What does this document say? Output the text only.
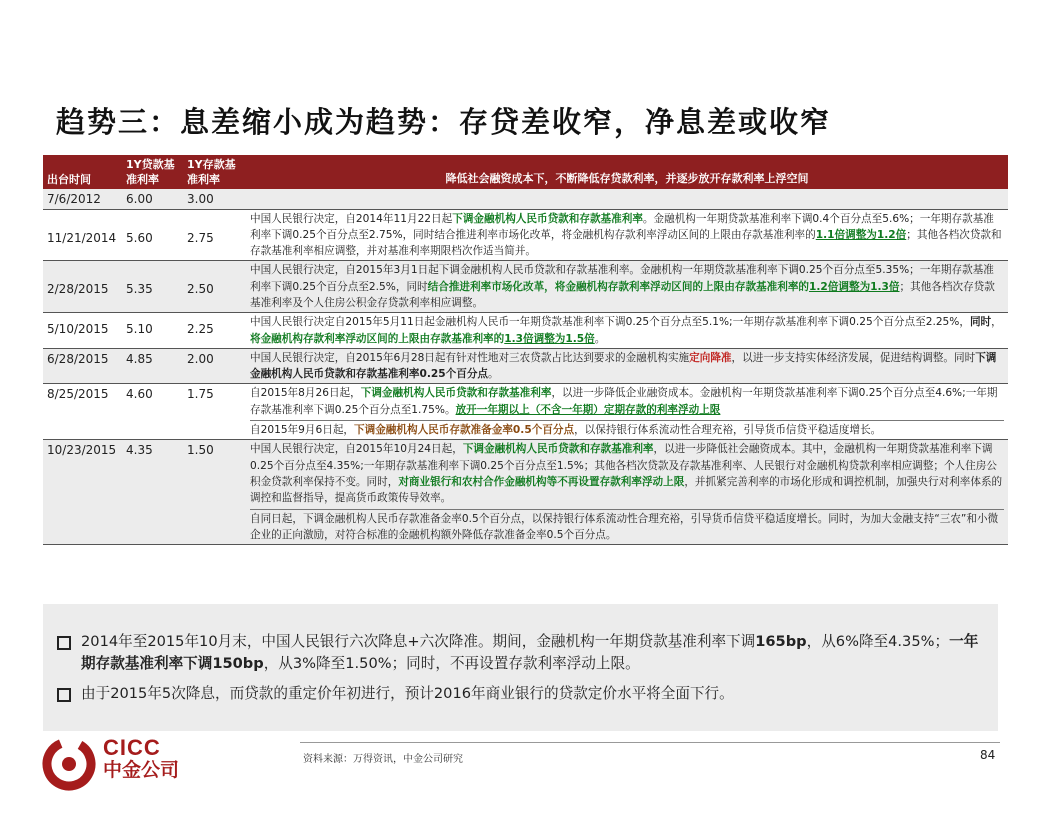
趋势三：息差缩小成为趋势：存贷差收窄，净息差或收窄
出台时间	1Y贷款基准利率	1Y存款基准利率	降低社会融资成本下，不断降低存贷款利率，并逐步放开存款利率上浮空间
7/6/2012	6.00	3.00	
11/21/2014	5.60	2.75	中国人民银行决定，自2014年11月22日起下调金融机构人民币贷款和存款基准利率。金融机构一年期贷款基准利率下调0.4个百分点至5.6%；一年期存款基准利率下调0.25个百分点至2.75%，同时结合推进利率市场化改革，将金融机构存款利率浮动区间的上限由存款基准利率的1.1倍调整为1.2倍；其他各档次贷款和存款基准利率相应调整，并对基准利率期限档次作适当简并。
2/28/2015	5.35	2.50	中国人民银行决定，自2015年3月1日起下调金融机构人民币贷款和存款基准利率。金融机构一年期贷款基准利率下调0.25个百分点至5.35%；一年期存款基准利率下调0.25个百分点至2.5%，同时结合推进利率市场化改革，将金融机构存款利率浮动区间的上限由存款基准利率的1.2倍调整为1.3倍；其他各档次存贷款基准利率及个人住房公积金存贷款利率相应调整。
5/10/2015	5.10	2.25	中国人民银行决定自2015年5月11日起金融机构人民币一年期贷款基准利率下调0.25个百分点至5.1%;一年期存款基准利率下调0.25个百分点至2.25%，同时，将金融机构存款利率浮动区间的上限由存款基准利率的1.3倍调整为1.5倍。
6/28/2015	4.85	2.00	中国人民银行决定，自2015年6月28日起有针对性地对三农贷款占比达到要求的金融机构实施定向降准，以进一步支持实体经济发展，促进结构调整。同时下调金融机构人民币贷款和存款基准利率0.25个百分点。
8/25/2015	4.60	1.75	自2015年8月26日起，下调金融机构人民币贷款和存款基准利率，以进一步降低企业融资成本。金融机构一年期贷款基准利率下调0.25个百分点至4.6%;一年期存款基准利率下调0.25个百分点至1.75%。放开一年期以上（不含一年期）定期存款的利率浮动上限
自2015年9月6日起，下调金融机构人民币存款准备金率0.5个百分点，以保持银行体系流动性合理充裕，引导货币信贷平稳适度增长。

10/23/2015	4.35	1.50	中国人民银行决定，自2015年10月24日起，下调金融机构人民币贷款和存款基准利率，以进一步降低社会融资成本。其中，金融机构一年期贷款基准利率下调0.25个百分点至4.35%;一年期存款基准利率下调0.25个百分点至1.5%；其他各档次贷款及存款基准利率、人民银行对金融机构贷款利率相应调整；个人住房公积金贷款利率保持不变。同时，对商业银行和农村合作金融机构等不再设置存款利率浮动上限，并抓紧完善利率的市场化形成和调控机制，加强央行对利率体系的调控和监督指导，提高货币政策传导效率。
自同日起，下调金融机构人民币存款准备金率0.5个百分点，以保持银行体系流动性合理充裕，引导货币信贷平稳适度增长。同时，为加大金融支持“三农”和小微企业的正向激励，对符合标准的金融机构额外降低存款准备金率0.5个百分点。
2014年至2015年10月末，中国人民银行六次降息+六次降准。期间，金融机构一年期贷款基准利率下调165bp，从6%降至4.35%；一年期存款基准利率下调150bp，从3%降至1.50%；同时，不再设置存款利率浮动上限。
由于2015年5次降息，而贷款的重定价年初进行，预计2016年商业银行的贷款定价水平将全面下行。
CICC
中金公司	资料来源：万得资讯，中金公司研究	84
